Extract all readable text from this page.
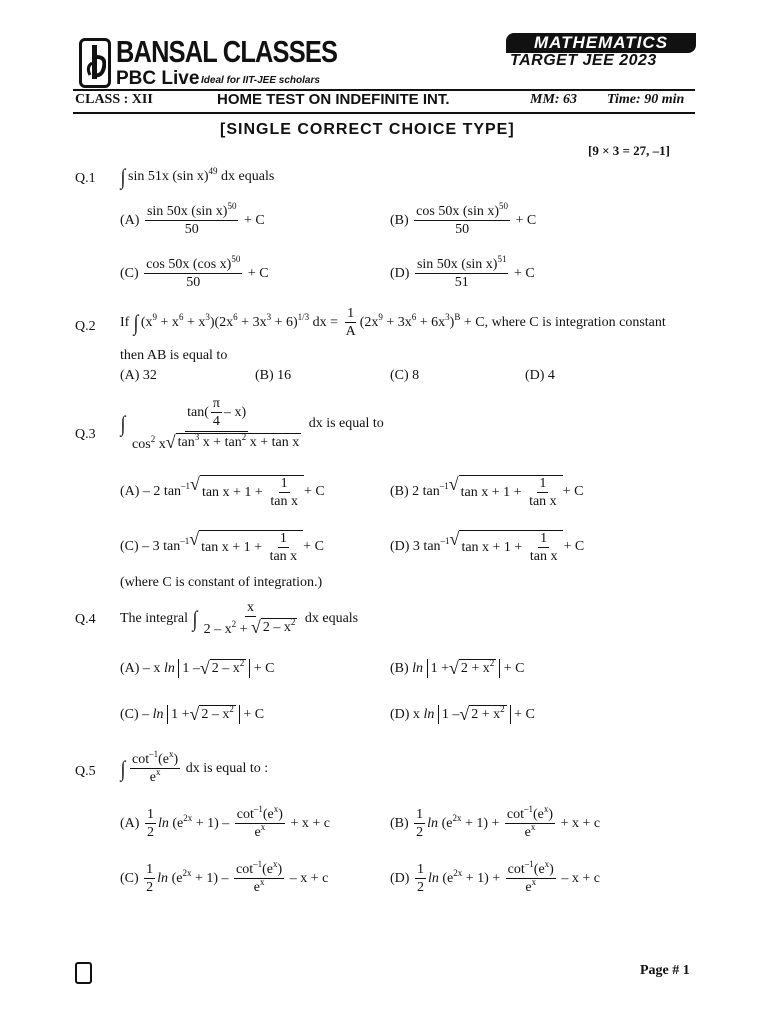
BANSAL CLASSES
PBC Live Ideal for IIT-JEE scholars
MATHEMATICS
TARGET JEE 2023
CLASS : XII	HOME TEST ON INDEFINITE INT.	MM: 63 Time: 90 min
[SINGLE CORRECT CHOICE TYPE]
[9 × 3 = 27, –1]
Q.1 ∫ sin 51x (sin x) 49 dx equals
(A)
$\frac{\sin 50x (\sin x)^{50}}{50} + C$	(B)
$\frac{\cos 50x (\sin x)^{50}}{50} + C$
(C)
$\frac{\cos 50x (\cos x)^{50}}{50} + C$	(D)
$\frac{\sin 50x (\sin x)^{51}}{51} + C$
Q.2 If
∫ (x 9 + x 6 + x 3 )(2x 6 + 3x 3 + 6) 1/3 dx = $\frac{1}{A} (2x$ 9 + 3x 6 + 6x 3 ) B
+ C, where C is integration constant
then AB is equal to
(A) 32	(B) 16	(C) 8	(D) 4
Q.3 ∫ $\frac{\tan( \frac{\pi}{4} - x)}{\cos^2 x √ \tan^3 x + \tan^2 x + \tan x}$ dx is equal to
(A) – 2 tan –1 √ $\tan x + 1 + \frac{1}{\text{tan x}} + C$	(B) 2 tan –1 √ $\tan x + 1 + \frac{1}{\text{tan x}} + C$
(C) – 3 tan –1 √ $\tan x + 1 + \frac{1}{\text{tan x}} + C$	(D) 3 tan –1 √ $\tan x + 1 + \frac{1}{\text{tan x}} + C$
(where C is constant of integration.)
Q.4 The integral
∫ $\frac{x}{2 - x^2 + √ 2 - x^2}$ dx equals
(A) – x ln
1 – √ $2 - x^2 + C$	(B) ln
1 + √ $2 + x^2 + C$
(C) – ln
1 + √ $2 - x^2 + C$	(D) x ln
1 – √ $2 + x^2 + C$
Q.5 ∫ $\frac{\cot^{-1}(e^x)}{e^x}$ dx is equal to :
$(A) \frac{1}{2}$ ln (e $2x + 1) - \frac{\cot^{-1}(e^x)}{e^x} + x + c$	$(B) \frac{1}{2}$ ln (e $2x + 1) + \frac{\cot^{-1}(e^x)}{e^x} + x + c$
$(C) \frac{1}{2}$ ln (e $2x + 1) - \frac{\cot^{-1}(e^x)}{e^x} - x + c$	$(D) \frac{1}{2}$ ln (e $2x + 1) + \frac{\cot^{-1}(e^x)}{e^x} - x + c$
Page # 1
